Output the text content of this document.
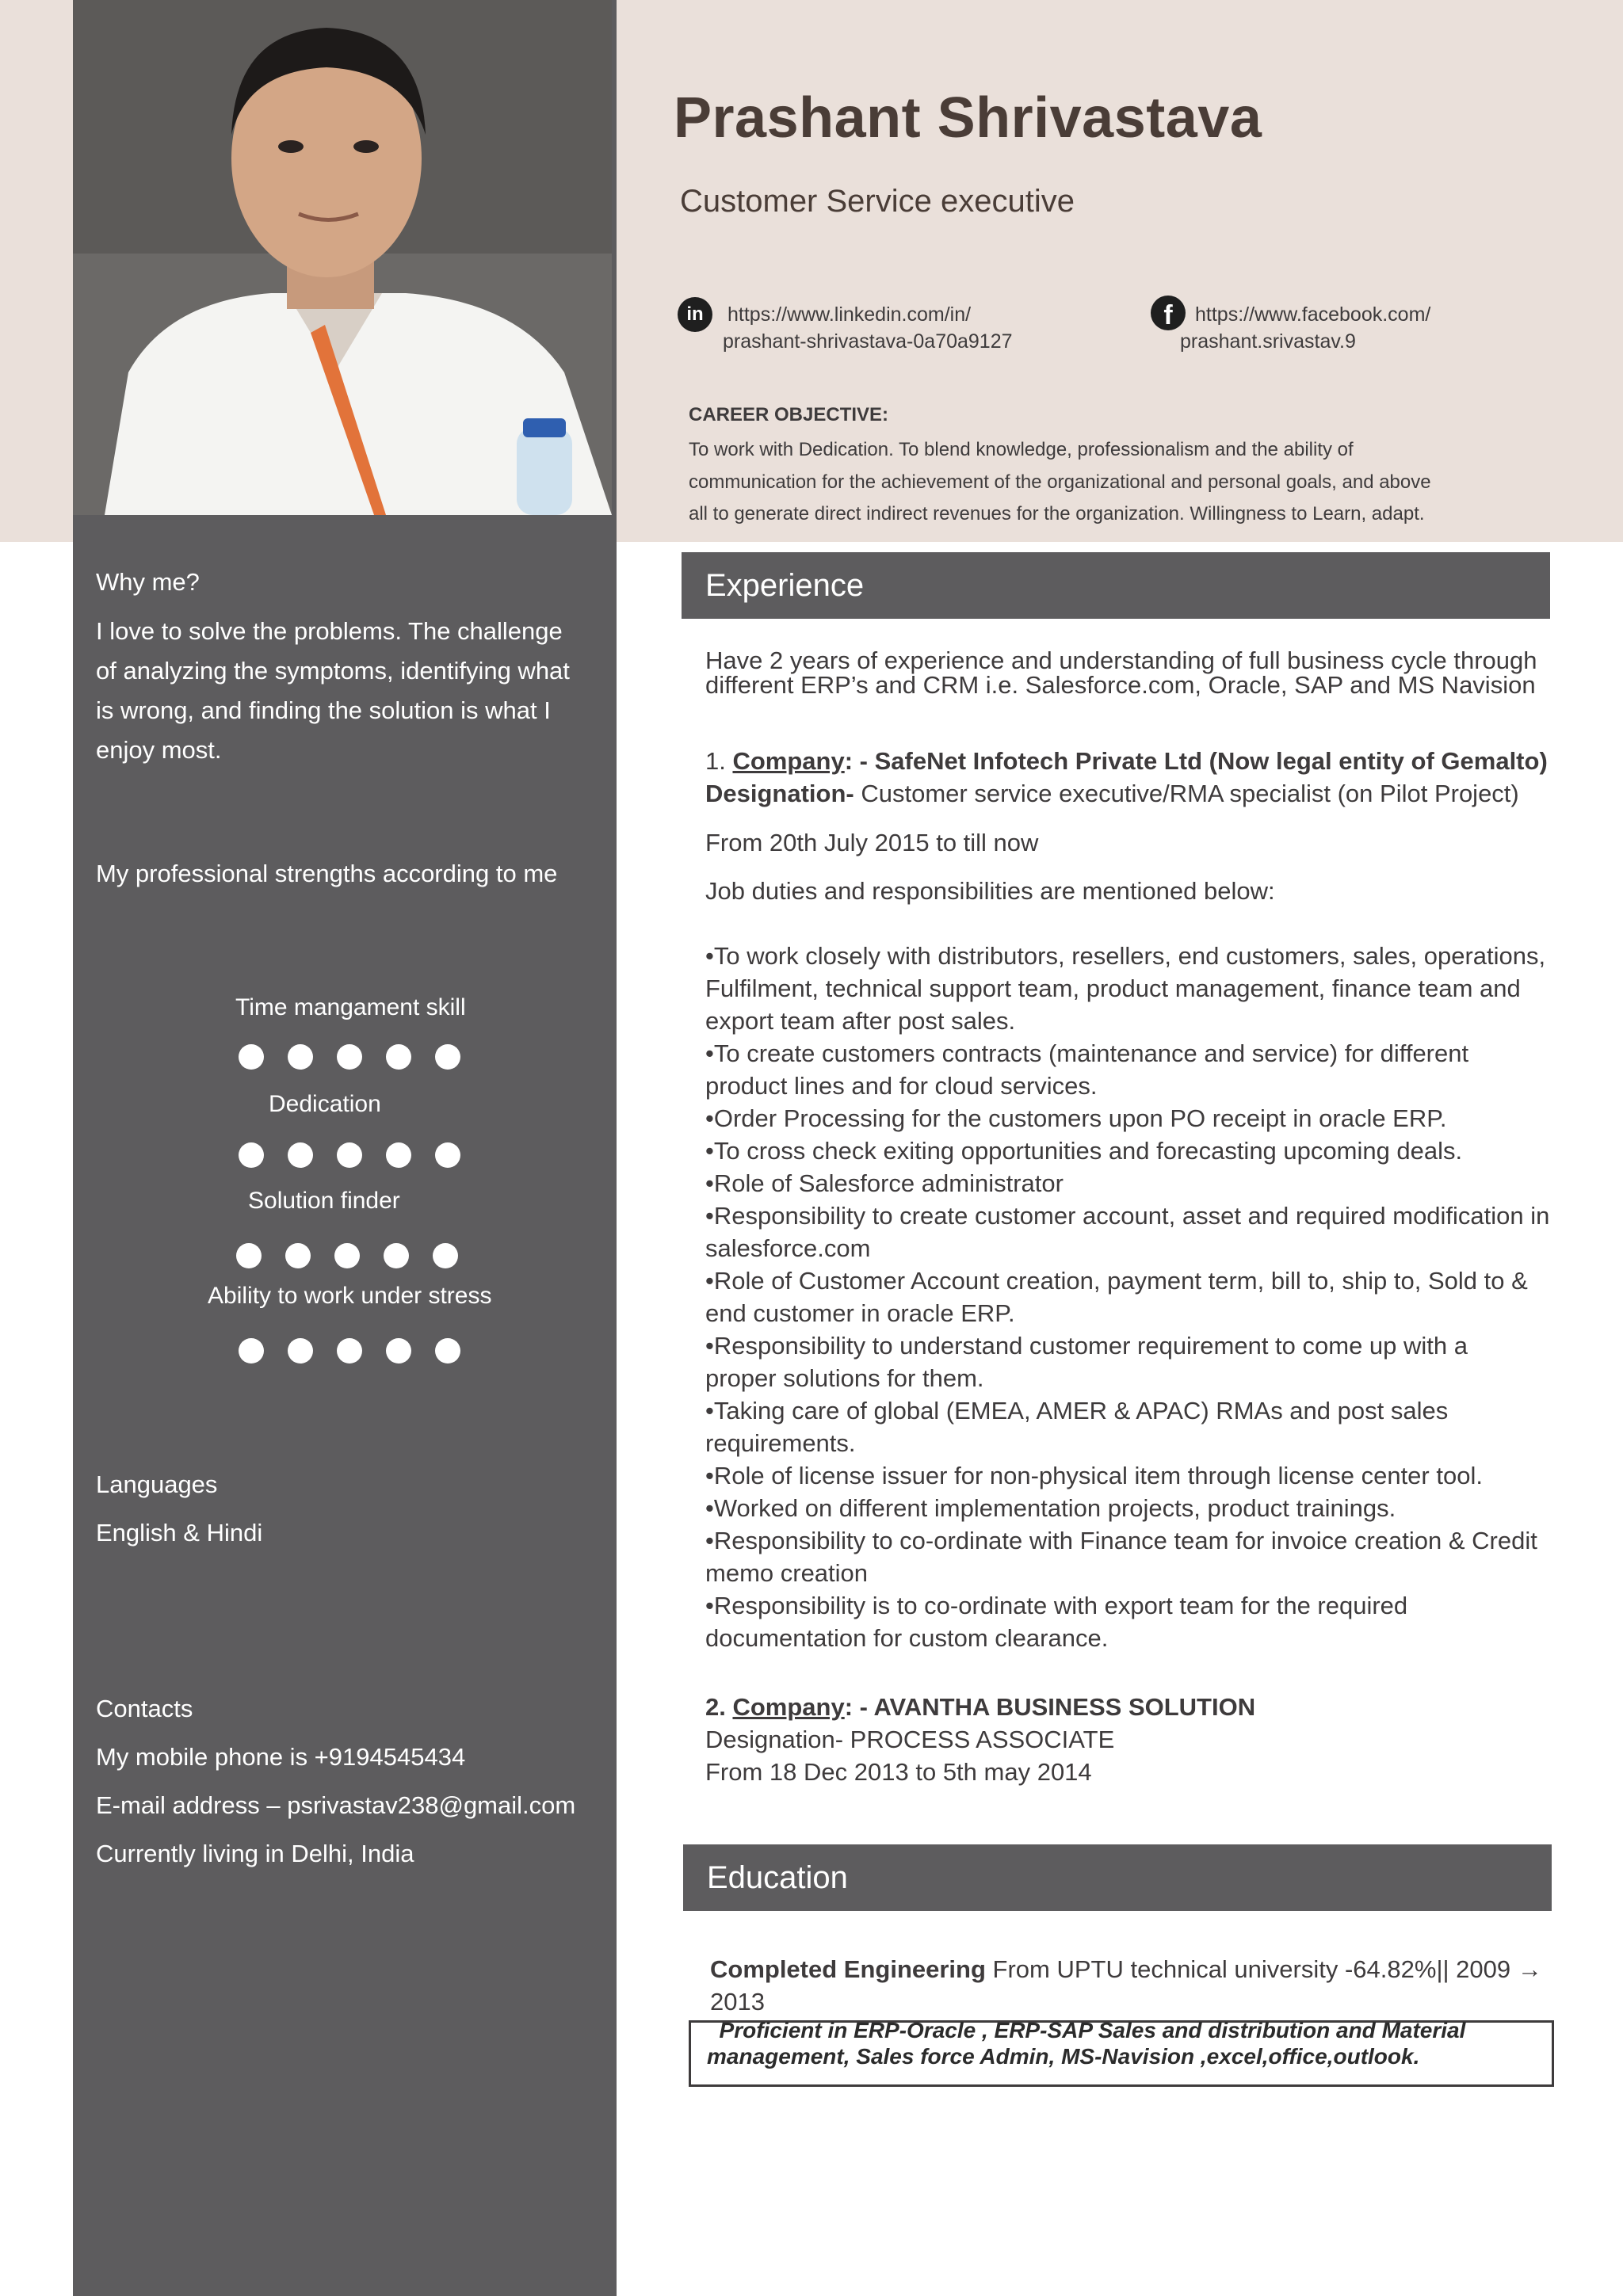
Prashant Shrivastava
Customer Service executive
in	https://www.linkedin.com/in/
prashant-shrivastava-0a70a9127
f	https://www.facebook.com/
prashant.srivastav.9
CAREER OBJECTIVE:
To work with Dedication. To blend knowledge, professionalism and the ability of
communication for the achievement of the organizational and personal goals, and above
all to generate direct indirect revenues for the organization. Willingness to Learn, adapt.
Why me?
I love to solve the problems. The challenge
of analyzing the symptoms, identifying what
is wrong, and finding the solution is what I
enjoy most.
My professional strengths according to me
Time mangament skill
Dedication
Solution finder
Ability to work under stress
Languages
English & Hindi
Contacts
My mobile phone is +9194545434
E-mail address – psrivastav238@gmail.com
Currently living in Delhi, India
Experience
Have 2 years of experience and understanding of full business cycle through
different ERP’s and CRM i.e. Salesforce.com, Oracle, SAP and MS Navision
1. Company: - SafeNet Infotech Private Ltd (Now legal entity of Gemalto)
Designation- Customer service executive/RMA specialist (on Pilot Project)
From 20th July 2015 to till now
Job duties and responsibilities are mentioned below:
•To work closely with distributors, resellers, end customers, sales, operations,
Fulfilment, technical support team, product management, finance team and
export team after post sales.
•To create customers contracts (maintenance and service) for different
product lines and for cloud services.
•Order Processing for the customers upon PO receipt in oracle ERP.
•To cross check exiting opportunities and forecasting upcoming deals.
•Role of Salesforce administrator
•Responsibility to create customer account, asset and required modification in
salesforce.com
•Role of Customer Account creation, payment term, bill to, ship to, Sold to &
end customer in oracle ERP.
•Responsibility to understand customer requirement to come up with a
proper solutions for them.
•Taking care of global (EMEA, AMER & APAC) RMAs and post sales
requirements.
•Role of license issuer for non-physical item through license center tool.
•Worked on different implementation projects, product trainings.
•Responsibility to co-ordinate with Finance team for invoice creation & Credit
memo creation
•Responsibility is to co-ordinate with export team for the required
documentation for custom clearance.
2. Company: - AVANTHA BUSINESS SOLUTION
Designation- PROCESS ASSOCIATE
From 18 Dec 2013 to 5th may 2014
Education
Completed Engineering From UPTU technical university -64.82%|| 2009 →
2013
Proficient in ERP-Oracle , ERP-SAP Sales and distribution and Material
management, Sales force Admin, MS-Navision ,excel,office,outlook.
